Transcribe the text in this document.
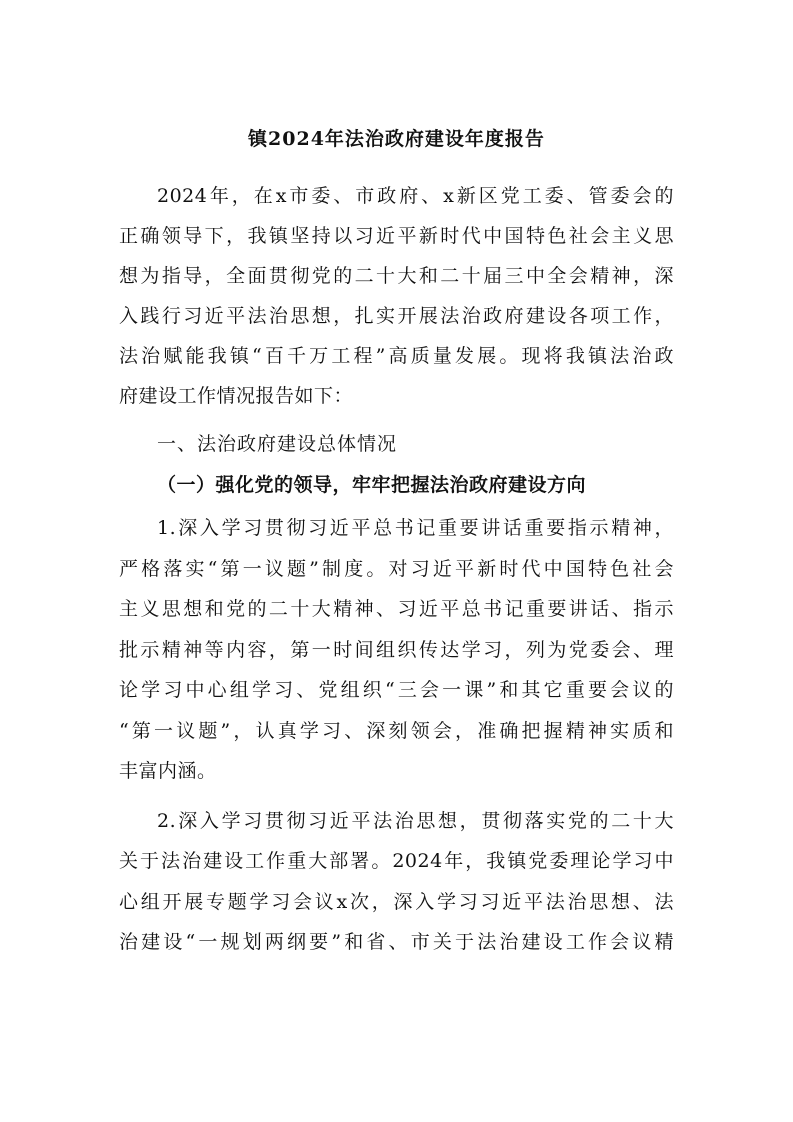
镇2024年法治政府建设年度报告
2024年，在x市委、市政府、x新区党工委、管委会的
正确领导下，我镇坚持以习近平新时代中国特色社会主义思
想为指导，全面贯彻党的二十大和二十届三中全会精神，深
入践行习近平法治思想，扎实开展法治政府建设各项工作，
法治赋能我镇“百千万工程”高质量发展。现将我镇法治政
府建设工作情况报告如下：
一、法治政府建设总体情况
（一）强化党的领导，牢牢把握法治政府建设方向
1.深入学习贯彻习近平总书记重要讲话重要指示精神，
严格落实“第一议题”制度。对习近平新时代中国特色社会
主义思想和党的二十大精神、习近平总书记重要讲话、指示
批示精神等内容，第一时间组织传达学习，列为党委会、理
论学习中心组学习、党组织“三会一课”和其它重要会议的
“第一议题”，认真学习、深刻领会，准确把握精神实质和
丰富内涵。
2.深入学习贯彻习近平法治思想，贯彻落实党的二十大
关于法治建设工作重大部署。2024年，我镇党委理论学习中
心组开展专题学习会议x次，深入学习习近平法治思想、法
治建设“一规划两纲要”和省、市关于法治建设工作会议精
